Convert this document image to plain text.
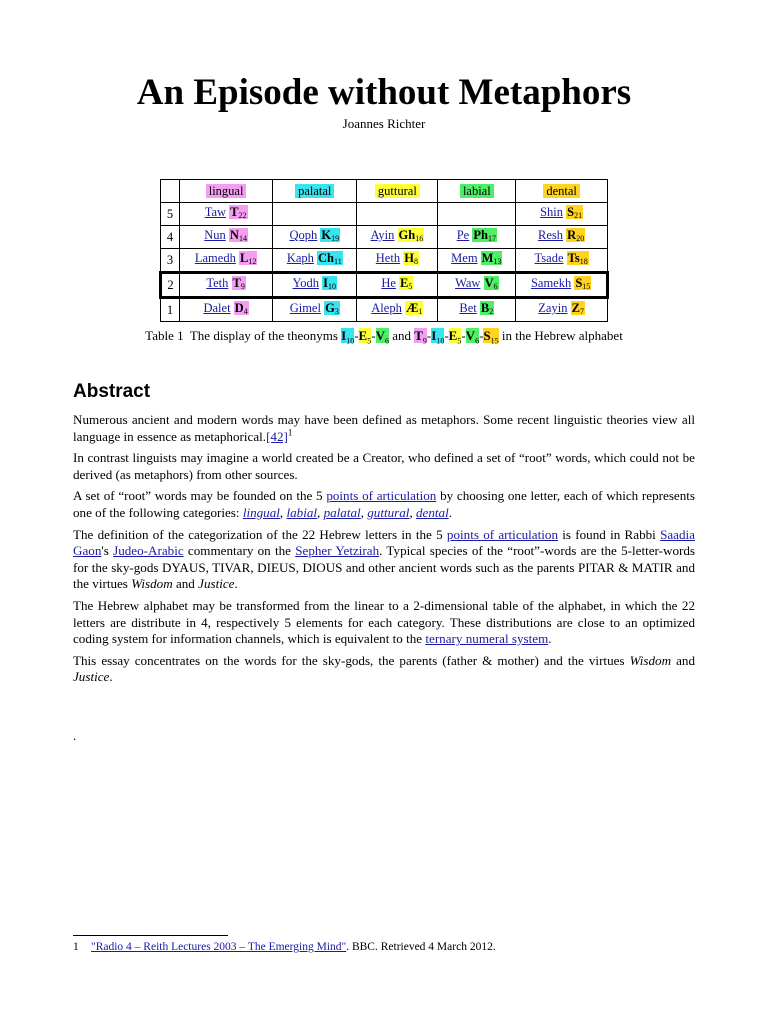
An Episode without Metaphors
Joannes Richter
	lingual	palatal	guttural	labial	dental
5	Taw $T_{22}$				Shin $S_{21}$
4	Nun $N_{14}$	Qoph $K_{19}$	Ayin $Gh_{16}$	Pe $Ph_{17}$	Resh $R_{20}$
3	Lamedh $L_{12}$	Kaph $Ch_{11}$	Heth $H_8$	Mem $M_{13}$	Tsade $Ts_{18}$
2	Teth $T_9$	Yodh $I_{10}$	He $E_5$	Waw $V_6$	Samekh $S_{15}$
1	Dalet $D_4$	Gimel $G_3$	Aleph $Æ_1$	Bet $B_2$	Zayin $Z_7$
Table 1 The display of the theonyms $I_{10}-E_5-V_6$ and $T_9-I_{10}-E_5-V_6-S_{15}$ in the Hebrew alphabet
Abstract

Numerous ancient and modern words may have been defined as metaphors. Some recent linguistic theories view all language in essence as $metaphorical.[42]^1$

In contrast linguists may imagine a world created be a Creator, who defined a set of “root” words, which could not be derived (as metaphors) from other sources.

A set of “root” words may be founded on the 5 points of articulation by choosing one letter, each of which represents one of the following categories: lingual, labial, palatal, guttural, dental.

The definition of the categorization of the 22 Hebrew letters in the 5 points of articulation is found in Rabbi Saadia Gaon's Judeo-Arabic commentary on the Sepher Yetzirah. Typical species of the “root”-words are the 5-letter-words for the sky-gods DYAUS, TIVAR, DIEUS, DIOUS and other ancient words such as the parents PITAR & MATIR and the virtues Wisdom and Justice.

The Hebrew alphabet may be transformed from the linear to a 2-dimensional table of the alphabet, in which the 22 letters are distribute in 4, respectively 5 elements for each category. These distributions are close to an optimized coding system for information channels, which is equivalent to the ternary numeral system.

This essay concentrates on the words for the sky-gods, the parents (father & mother) and the virtues Wisdom and Justice.

.
1 "Radio 4 – Reith Lectures 2003 – The Emerging Mind". BBC. Retrieved 4 March 2012.
